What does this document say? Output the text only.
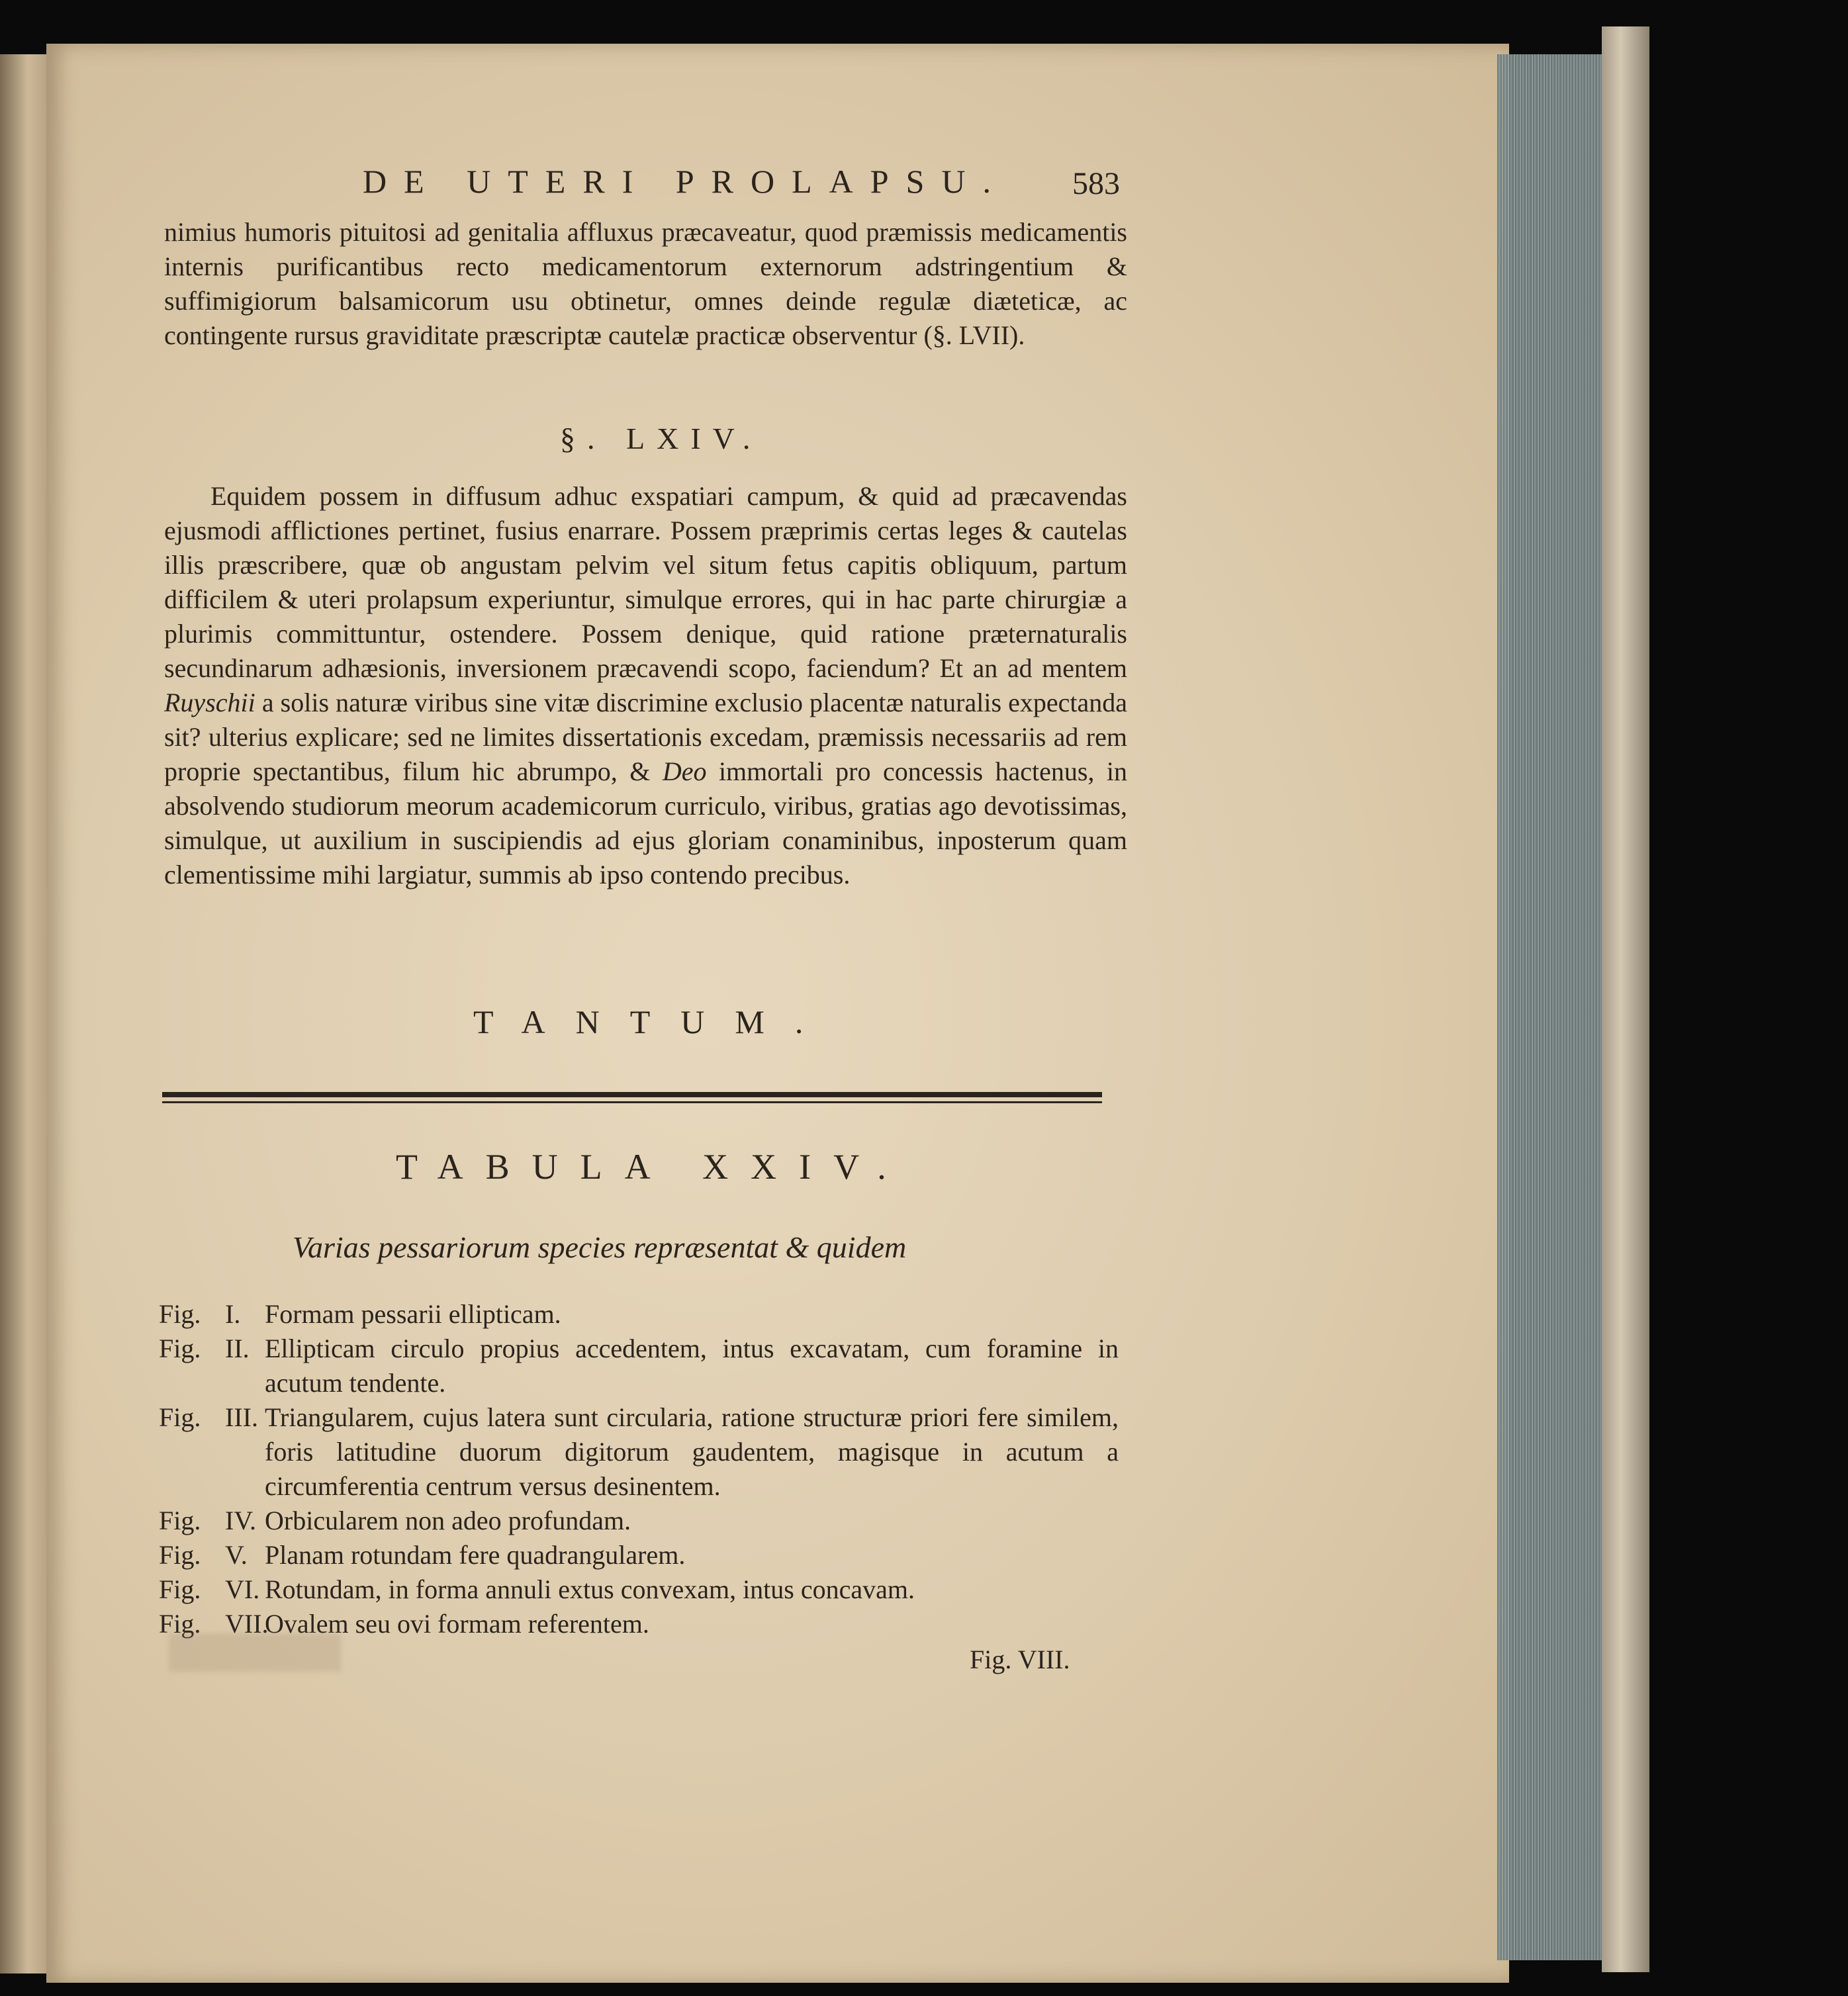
DE UTERI PROLAPSU. 583
nimius humoris pituitosi ad genitalia affluxus præcaveatur, quod præmissis medicamentis internis purificantibus recto medicamentorum externorum adstringentium & suffimigiorum balsamicorum usu obtinetur, omnes deinde regulæ diæteticæ, ac contingente rursus graviditate præscriptæ cautelæ practicæ observentur (§. LVII).
§. LXIV.
Equidem possem in diffusum adhuc exspatiari campum, & quid ad præcavendas ejusmodi afflictiones pertinet, fusius enarrare. Possem præprimis certas leges & cautelas illis præscribere, quæ ob angustam pelvim vel situm fetus capitis obliquum, partum difficilem & uteri prolapsum experiuntur, simulque errores, qui in hac parte chirurgiæ a plurimis committuntur, ostendere. Possem denique, quid ratione præternaturalis secundinarum adhæsionis, inversionem præcavendi scopo, faciendum? Et an ad mentem Ruyschii a solis naturæ viribus sine vitæ discrimine exclusio placentæ naturalis expectanda sit? ulterius explicare; sed ne limites dissertationis excedam, præmissis necessariis ad rem proprie spectantibus, filum hic abrumpo, & Deo immortali pro concessis hactenus, in absolvendo studiorum meorum academicorum curriculo, viribus, gratias ago devotissimas, simulque, ut auxilium in suscipiendis ad ejus gloriam conaminibus, inposterum quam clementissime mihi largiatur, summis ab ipso contendo precibus.
TANTUM.
TABULA XXIV.
Varias pessariorum species repræsentat & quidem
Fig. I. Formam pessarii ellipticam.
Fig. II. Ellipticam circulo propius accedentem, intus excavatam, cum foramine in acutum tendente.
Fig. III. Triangularem, cujus latera sunt circularia, ratione structuræ priori fere similem, foris latitudine duorum digitorum gaudentem, magisque in acutum a circumferentia centrum versus desinentem.
Fig. IV. Orbicularem non adeo profundam.
Fig. V. Planam rotundam fere quadrangularem.
Fig. VI. Rotundam, in forma annuli extus convexam, intus concavam.
Fig. VII.
Ovalem seu ovi formam referentem.
Fig. VIII.
